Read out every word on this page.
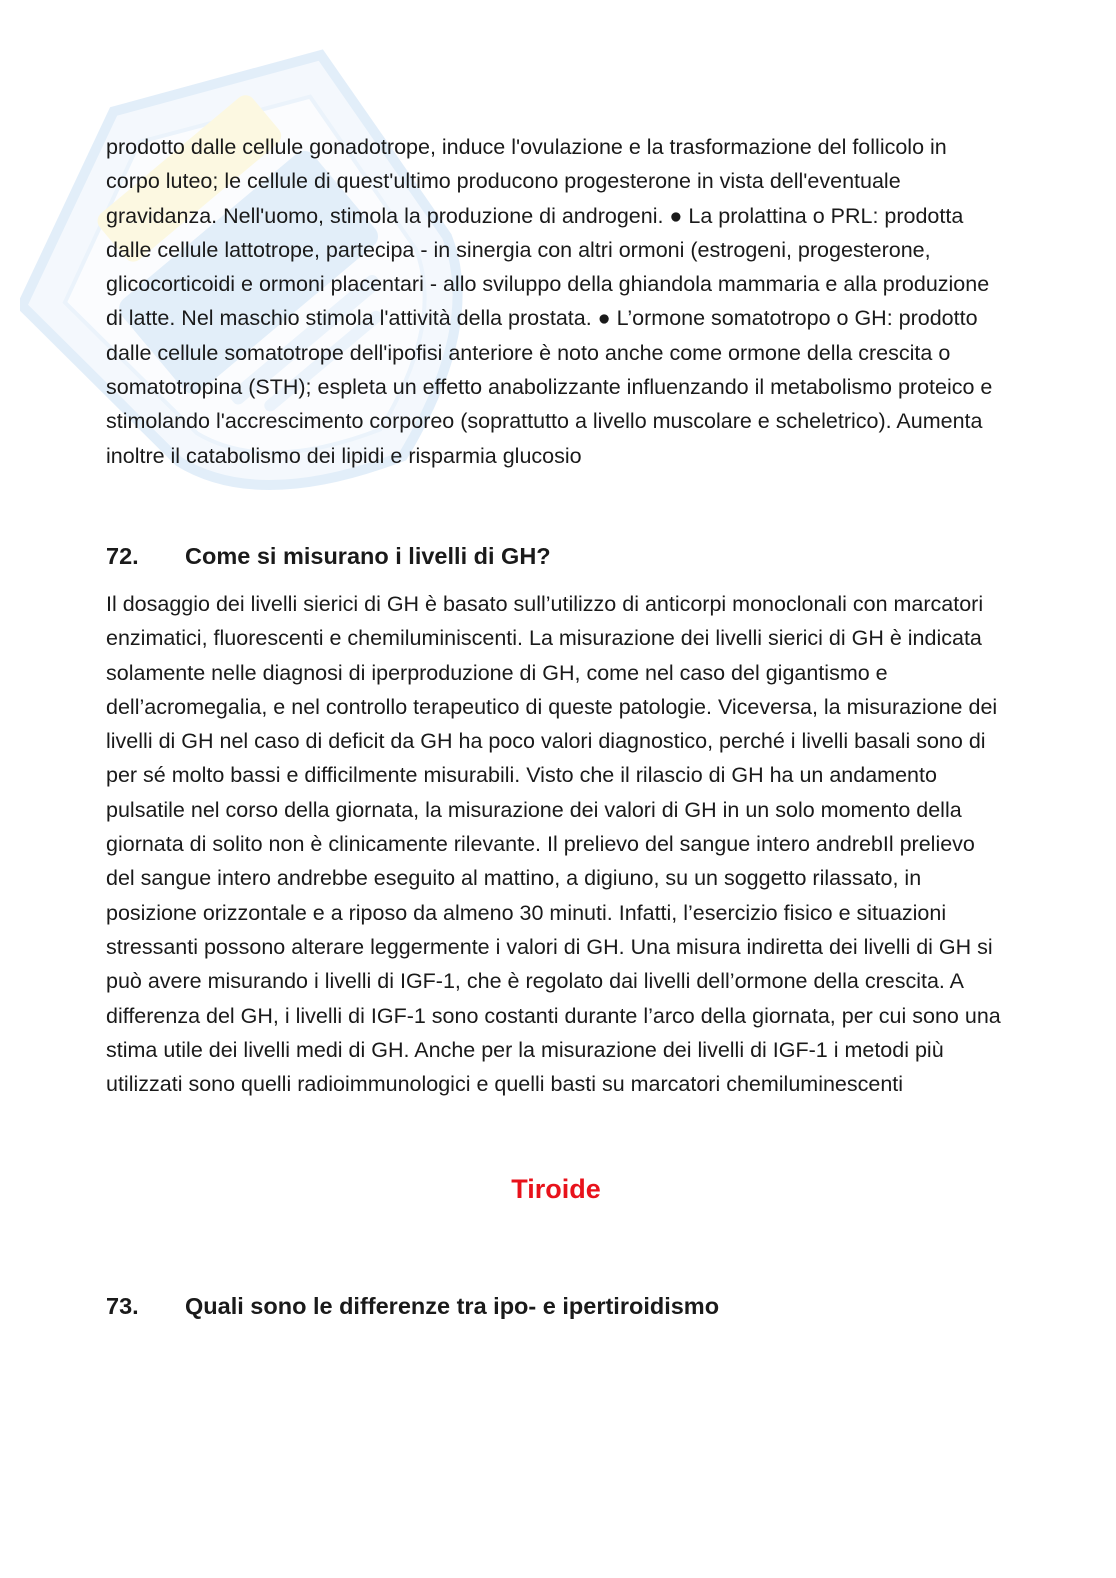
prodotto dalle cellule gonadotrope, induce l'ovulazione e la trasformazione del follicolo in corpo luteo; le cellule di quest'ultimo producono progesterone in vista dell'eventuale gravidanza. Nell'uomo, stimola la produzione di androgeni. ● La prolattina o PRL: prodotta dalle cellule lattotrope, partecipa - in sinergia con altri ormoni (estrogeni, progesterone, glicocorticoidi e ormoni placentari - allo sviluppo della ghiandola mammaria e alla produzione di latte. Nel maschio stimola l'attività della prostata. ● L’ormone somatotropo o GH: prodotto dalle cellule somatotrope dell'ipofisi anteriore è noto anche come ormone della crescita o somatotropina (STH); espleta un effetto anabolizzante influenzando il metabolismo proteico e stimolando l'accrescimento corporeo (soprattutto a livello muscolare e scheletrico). Aumenta inoltre il catabolismo dei lipidi e risparmia glucosio

72.	Come si misurano i livelli di GH?

Il dosaggio dei livelli sierici di GH è basato sull’utilizzo di anticorpi monoclonali con marcatori enzimatici, fluorescenti e chemiluminiscenti. La misurazione dei livelli sierici di GH è indicata solamente nelle diagnosi di iperproduzione di GH, come nel caso del gigantismo e dell’acromegalia, e nel controllo terapeutico di queste patologie. Viceversa, la misurazione dei livelli di GH nel caso di deficit da GH ha poco valori diagnostico, perché i livelli basali sono di per sé molto bassi e difficilmente misurabili. Visto che il rilascio di GH ha un andamento pulsatile nel corso della giornata, la misurazione dei valori di GH in un solo momento della giornata di solito non è clinicamente rilevante. Il prelievo del sangue intero andrebIl prelievo del sangue intero andrebbe eseguito al mattino, a digiuno, su un soggetto rilassato, in posizione orizzontale e a riposo da almeno 30 minuti. Infatti, l’esercizio fisico e situazioni stressanti possono alterare leggermente i valori di GH. Una misura indiretta dei livelli di GH si può avere misurando i livelli di IGF-1, che è regolato dai livelli dell’ormone della crescita. A differenza del GH, i livelli di IGF-1 sono costanti durante l’arco della giornata, per cui sono una stima utile dei livelli medi di GH. Anche per la misurazione dei livelli di IGF-1 i metodi più utilizzati sono quelli radioimmunologici e quelli basti su marcatori chemiluminescenti

Tiroide
73.	Quali sono le differenze tra ipo- e ipertiroidismo
